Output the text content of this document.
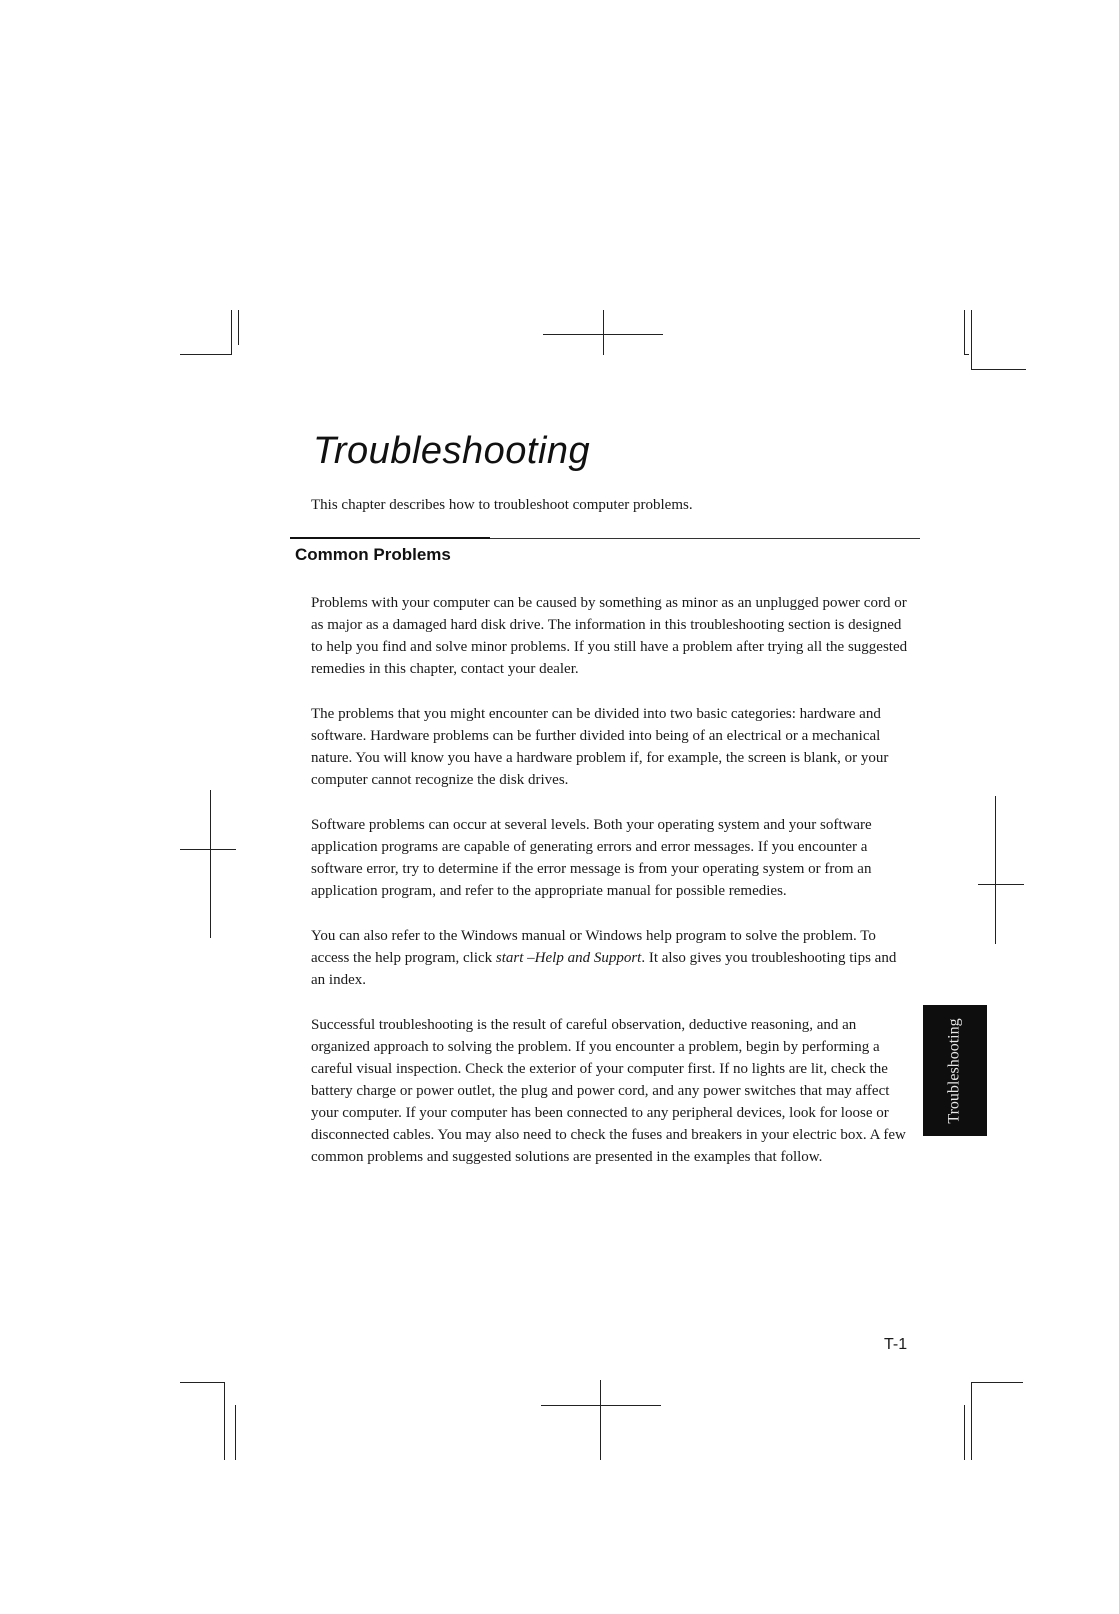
Troubleshooting

This chapter describes how to troubleshoot computer problems.

Common Problems

Problems with your computer can be caused by something as minor as an unplugged power cord or as major as a damaged hard disk drive. The information in this troubleshooting section is designed to help you find and solve minor problems. If you still have a problem after trying all the suggested remedies in this chapter, contact your dealer.

The problems that you might encounter can be divided into two basic categories: hardware and software. Hardware problems can be further divided into being of an electrical or a mechanical nature. You will know you have a hardware problem if, for example, the screen is blank, or your computer cannot recognize the disk drives.

Software problems can occur at several levels. Both your operating system and your software application programs are capable of generating errors and error messages. If you encounter a software error, try to determine if the error message is from your operating system or from an application program, and refer to the appropriate manual for possible remedies.

You can also refer to the Windows manual or Windows help program to solve the problem. To access the help program, click start –Help and Support. It also gives you troubleshooting tips and an index.

Successful troubleshooting is the result of careful observation, deductive reasoning, and an organized approach to solving the problem. If you encounter a problem, begin by performing a careful visual inspection. Check the exterior of your computer first. If no lights are lit, check the battery charge or power outlet, the plug and power cord, and any power switches that may affect your computer. If your computer has been connected to any peripheral devices, look for loose or disconnected cables. You may also need to check the fuses and breakers in your electric box. A few common problems and suggested solutions are presented in the examples that follow.

Troubleshooting

T-1
